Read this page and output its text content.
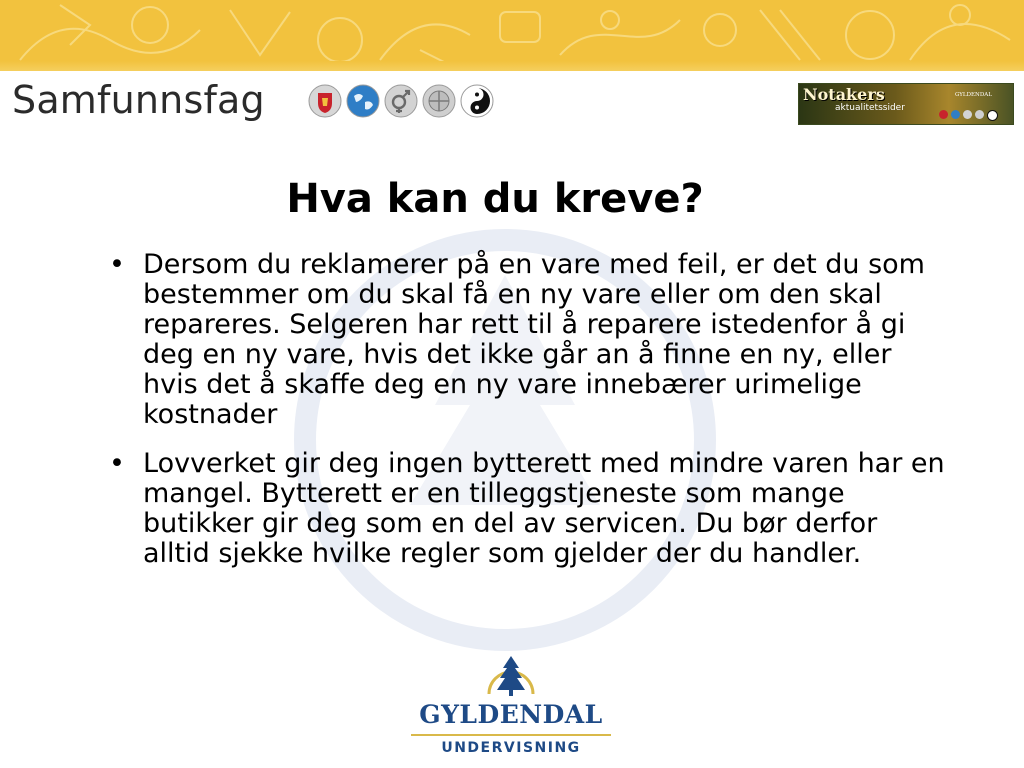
Samfunnsfag	Notakers
aktualitetssider
GYLDENDAL
Hva kan du kreve?
• Dersom du reklamerer på en vare med feil, er det du som bestemmer om du skal få en ny vare eller om den skal repareres. Selgeren har rett til å reparere istedenfor å gi deg en ny vare, hvis det ikke går an å finne en ny, eller hvis det å skaffe deg en ny vare innebærer urimelige kostnader
• Lovverket gir deg ingen bytterett med mindre varen har en mangel. Bytterett er en tilleggstjeneste som mange butikker gir deg som en del av servicen. Du bør derfor alltid sjekke hvilke regler som gjelder der du handler.
GYLDENDAL
UNDERVISNING
